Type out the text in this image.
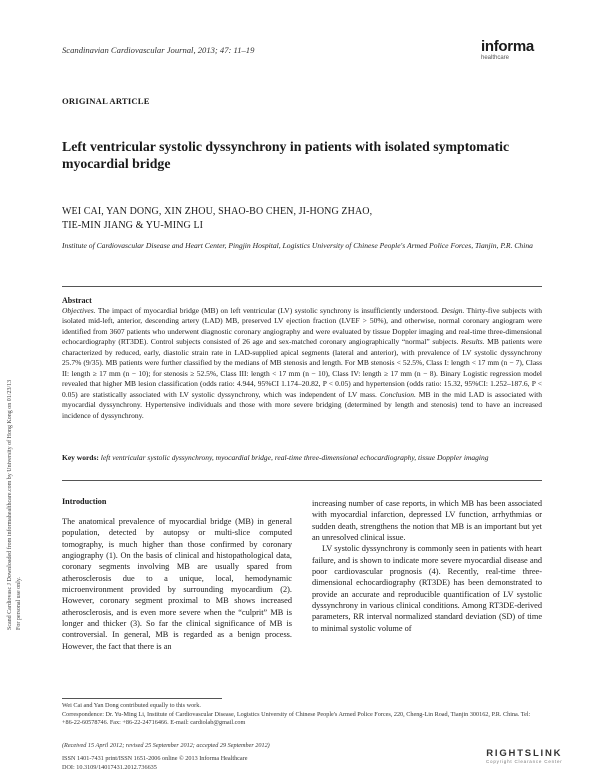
Scandinavian Cardiovascular Journal, 2013; 47: 11–19	informa
healthcare
Scand Cardiovasc J Downloaded from informahealthcare.com by University of Hong Kong on 01/23/13 For personal use only.
ORIGINAL ARTICLE
Left ventricular systolic dyssynchrony in patients with isolated symptomatic myocardial bridge
WEI CAI, YAN DONG, XIN ZHOU, SHAO-BO CHEN, JI-HONG ZHAO,
TIE-MIN JIANG & YU-MING LI
Institute of Cardiovascular Disease and Heart Center, Pingjin Hospital, Logistics University of Chinese People's Armed Police Forces, Tianjin, P.R. China
Abstract
Objectives. The impact of myocardial bridge (MB) on left ventricular (LV) systolic synchrony is insufficiently understood. Design. Thirty-five subjects with isolated mid-left, anterior, descending artery (LAD) MB, preserved LV ejection fraction (LVEF > 50%), and otherwise, normal coronary angiogram were identified from 3607 patients who underwent diagnostic coronary angiography and were evaluated by tissue Doppler imaging and real-time three-dimensional echocardiography (RT3DE). Control subjects consisted of 26 age and sex-matched coronary angiographically “normal” subjects. Results. MB patients were characterized by reduced, early, diastolic strain rate in LAD-supplied apical segments (lateral and anterior), with prevalence of LV systolic dyssynchrony 25.7% (9/35). MB patients were further classified by the medians of MB stenosis and length. For MB stenosis < 52.5%, Class I: length < 17 mm (n − 7), Class II: length ≥ 17 mm (n − 10); for stenosis ≥ 52.5%, Class III: length < 17 mm (n − 10), Class IV: length ≥ 17 mm (n − 8). Binary Logistic regression model revealed that higher MB lesion classification (odds ratio: 4.944, 95%CI 1.174–20.82, P < 0.05) and hypertension (odds ratio: 15.32, 95%CI: 1.252–187.6, P < 0.05) are statistically associated with LV systolic dyssynchrony, which was independent of LV mass. Conclusion. MB in the mid LAD is associated with myocardial dyssynchrony. Hypertensive individuals and those with more severe bridging (determined by length and stenosis) tend to have an increased incidence of dyssynchrony.
Key words: left ventricular systolic dyssynchrony, myocardial bridge, real-time three-dimensional echocardiography, tissue Doppler imaging
Introduction

The anatomical prevalence of myocardial bridge (MB) in general population, detected by autopsy or multi-slice computed tomography, is much higher than those confirmed by coronary angiography (1). On the basis of clinical and histopathological data, coronary segments involving MB are usually spared from atherosclerosis due to a unique, local, hemodynamic microenvironment provided by surrounding myocardium (2). However, coronary segment proximal to MB shows increased atherosclerosis, and is even more severe when the “culprit” MB is longer and thicker (3). So far the clinical significance of MB is controversial. In general, MB is regarded as a benign process. However, the fact that there is an

increasing number of case reports, in which MB has been associated with myocardial infarction, depressed LV function, arrhythmias or sudden death, strengthens the notion that MB is an important but yet an unresolved clinical issue.

LV systolic dyssynchrony is commonly seen in patients with heart failure, and is shown to indicate more severe myocardial disease and poor cardiovascular prognosis (4). Recently, real-time three-dimensional echocardiography (RT3DE) has been demonstrated to provide an accurate and reproducible quantification of LV systolic dyssynchrony in various clinical conditions. Among RT3DE-derived parameters, RR interval normalized standard deviation (SD) of time to minimal systolic volume of

Wei Cai and Yan Dong contributed equally to this work.
Correspondence: Dr. Yu-Ming Li, Institute of Cardiovascular Disease, Logistics University of Chinese People's Armed Police Forces, 220, Cheng-Lin Road, Tianjin 300162, P.R. China. Tel: +86-22-60578746. Fax: +86-22-24716466. E-mail: cardiolab@gmail.com
(Received 15 April 2012; revised 25 September 2012; accepted 29 September 2012)
ISSN 1401-7431 print/ISSN 1651-2006 online © 2013 Informa Healthcare
DOI: 10.3109/14017431.2012.736635
RIGHTSLINK
Copyright Clearance Center
